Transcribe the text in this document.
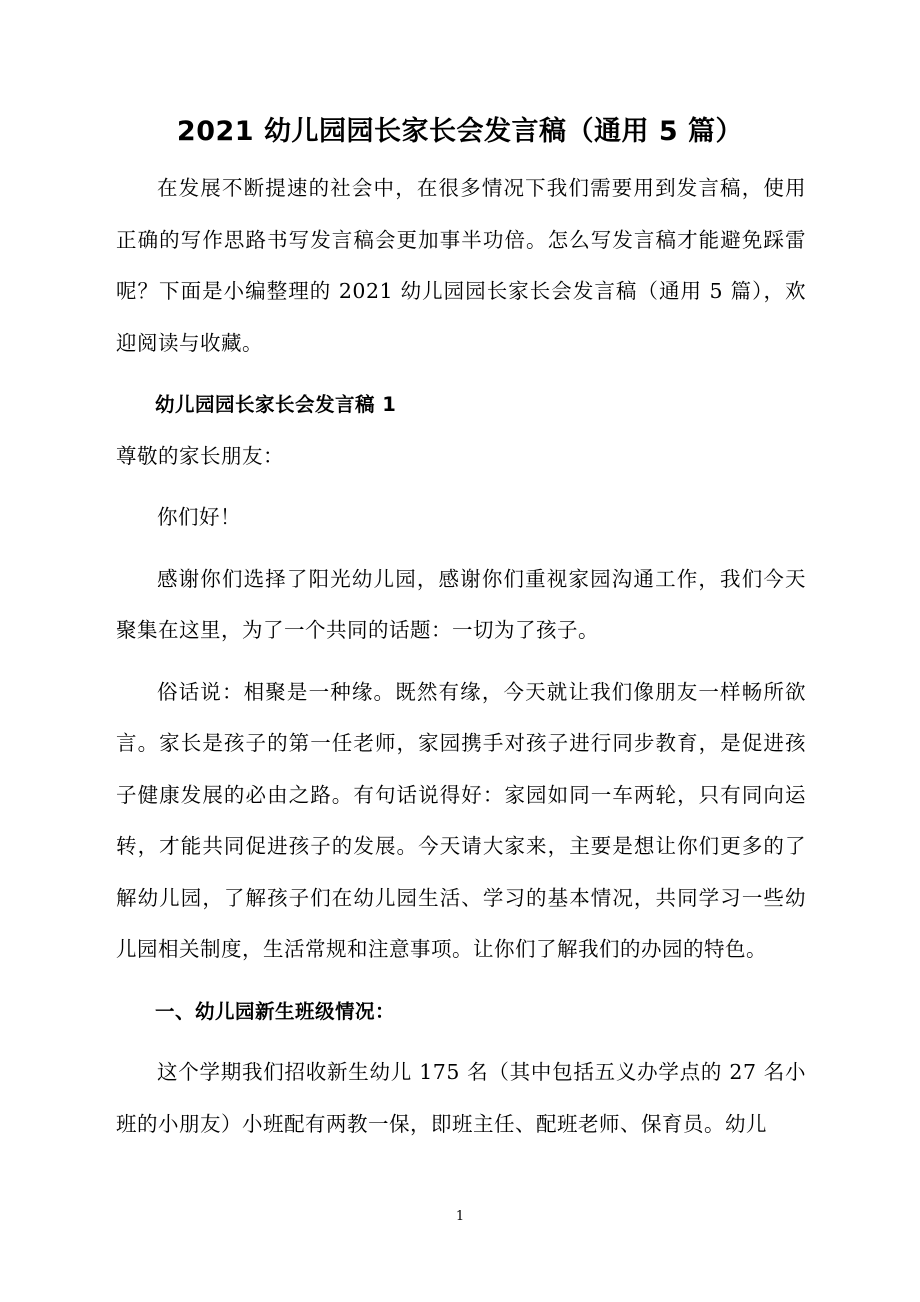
2021 幼儿园园长家长会发言稿（通用 5 篇）

在发展不断提速的社会中，在很多情况下我们需要用到发言稿，使用正确的写作思路书写发言稿会更加事半功倍。怎么写发言稿才能避免踩雷呢？下面是小编整理的 2021 幼儿园园长家长会发言稿（通用 5 篇），欢迎阅读与收藏。

幼儿园园长家长会发言稿 1

尊敬的家长朋友：

你们好！

感谢你们选择了阳光幼儿园，感谢你们重视家园沟通工作，我们今天聚集在这里，为了一个共同的话题：一切为了孩子。

俗话说：相聚是一种缘。既然有缘，今天就让我们像朋友一样畅所欲言。家长是孩子的第一任老师，家园携手对孩子进行同步教育，是促进孩子健康发展的必由之路。有句话说得好：家园如同一车两轮，只有同向运转，才能共同促进孩子的发展。今天请大家来，主要是想让你们更多的了解幼儿园，了解孩子们在幼儿园生活、学习的基本情况，共同学习一些幼儿园相关制度，生活常规和注意事项。让你们了解我们的办园的特色。

一、幼儿园新生班级情况：

这个学期我们招收新生幼儿 175 名（其中包括五义办学点的 27 名小班的小朋友）小班配有两教一保，即班主任、配班老师、保育员。幼儿

1
